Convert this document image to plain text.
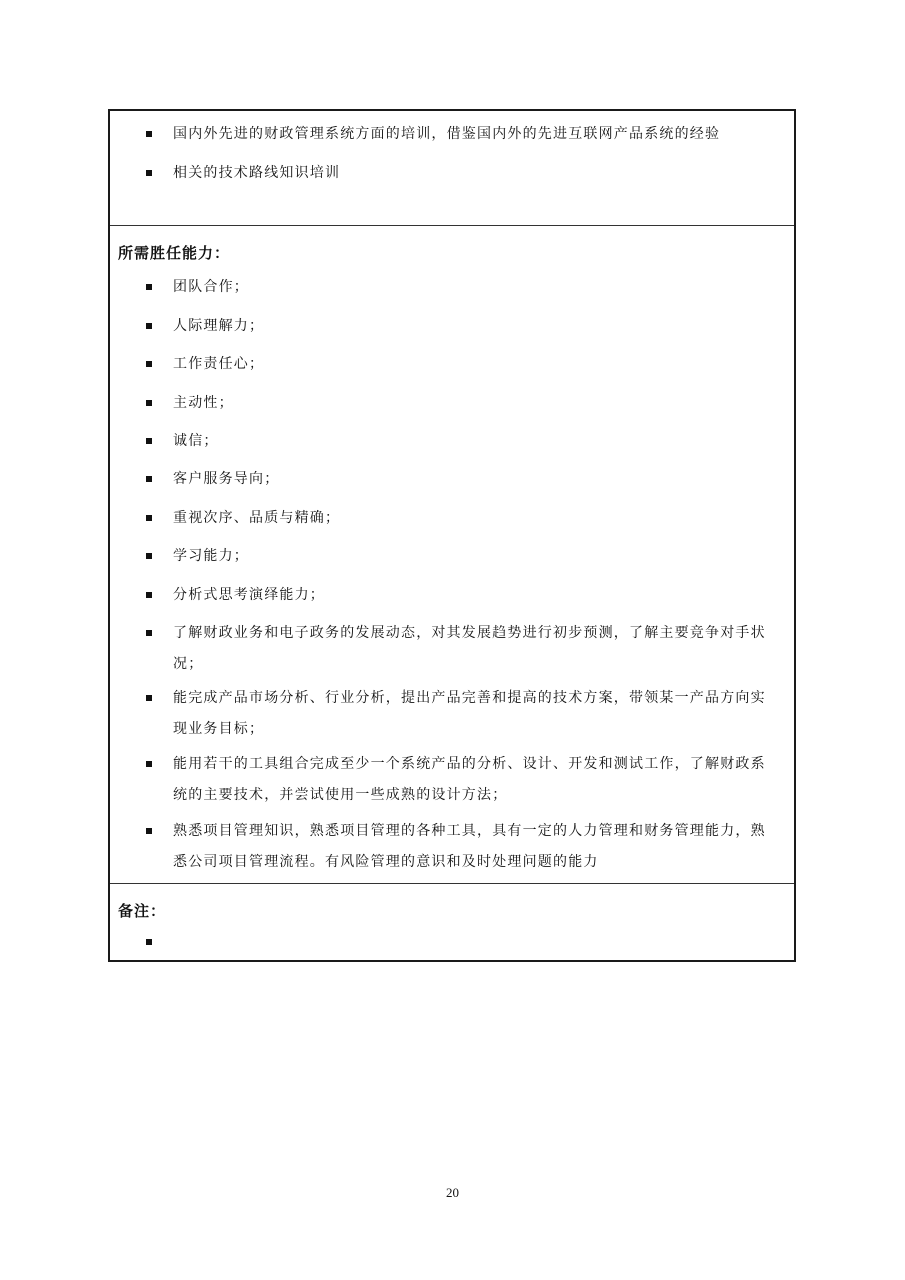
国内外先进的财政管理系统方面的培训，借鉴国内外的先进互联网产品系统的经验
相关的技术路线知识培训

所需胜任能力：

团队合作；
人际理解力；
工作责任心；
主动性；
诚信；
客户服务导向；
重视次序、品质与精确；
学习能力；
分析式思考演绎能力；
了解财政业务和电子政务的发展动态，对其发展趋势进行初步预测，了解主要竞争对手状况；
能完成产品市场分析、行业分析，提出产品完善和提高的技术方案，带领某一产品方向实现业务目标；
能用若干的工具组合完成至少一个系统产品的分析、设计、开发和测试工作，了解财政系统的主要技术，并尝试使用一些成熟的设计方法；
熟悉项目管理知识，熟悉项目管理的各种工具，具有一定的人力管理和财务管理能力，熟悉公司项目管理流程。有风险管理的意识和及时处理问题的能力

备注：

20
